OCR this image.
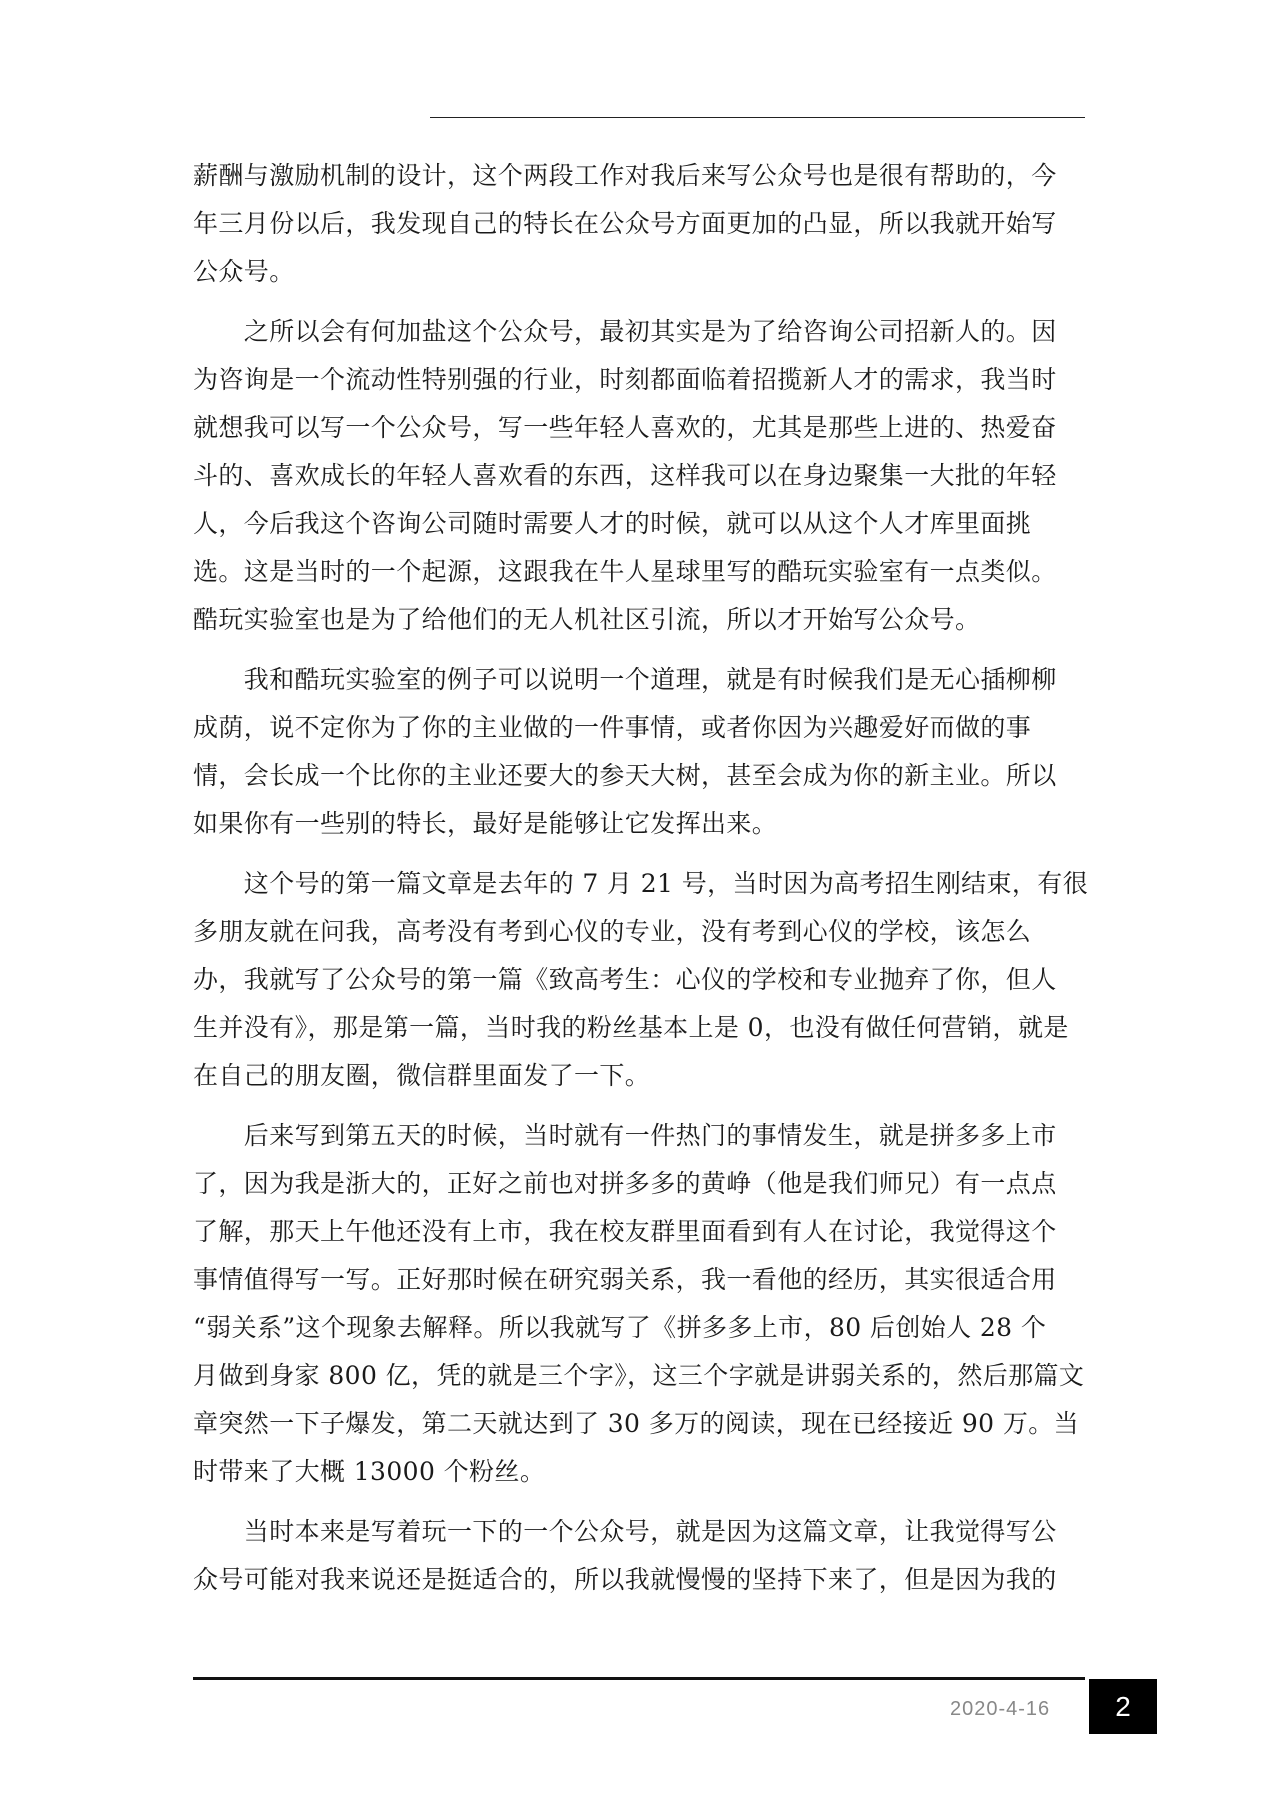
薪酬与激励机制的设计，这个两段工作对我后来写公众号也是很有帮助的，今
年三月份以后，我发现自己的特长在公众号方面更加的凸显，所以我就开始写
公众号。
　　之所以会有何加盐这个公众号，最初其实是为了给咨询公司招新人的。因
为咨询是一个流动性特别强的行业，时刻都面临着招揽新人才的需求，我当时
就想我可以写一个公众号，写一些年轻人喜欢的，尤其是那些上进的、热爱奋
斗的、喜欢成长的年轻人喜欢看的东西，这样我可以在身边聚集一大批的年轻
人，今后我这个咨询公司随时需要人才的时候，就可以从这个人才库里面挑
选。这是当时的一个起源，这跟我在牛人星球里写的酷玩实验室有一点类似。
酷玩实验室也是为了给他们的无人机社区引流，所以才开始写公众号。
　　我和酷玩实验室的例子可以说明一个道理，就是有时候我们是无心插柳柳
成荫，说不定你为了你的主业做的一件事情，或者你因为兴趣爱好而做的事
情，会长成一个比你的主业还要大的参天大树，甚至会成为你的新主业。所以
如果你有一些别的特长，最好是能够让它发挥出来。
　　这个号的第一篇文章是去年的 7 月 21 号，当时因为高考招生刚结束，有很
多朋友就在问我，高考没有考到心仪的专业，没有考到心仪的学校，该怎么
办，我就写了公众号的第一篇《致高考生：心仪的学校和专业抛弃了你，但人
生并没有》，那是第一篇，当时我的粉丝基本上是 0，也没有做任何营销，就是
在自己的朋友圈，微信群里面发了一下。
　　后来写到第五天的时候，当时就有一件热门的事情发生，就是拼多多上市
了，因为我是浙大的，正好之前也对拼多多的黄峥（他是我们师兄）有一点点
了解，那天上午他还没有上市，我在校友群里面看到有人在讨论，我觉得这个
事情值得写一写。正好那时候在研究弱关系，我一看他的经历，其实很适合用
“弱关系”这个现象去解释。所以我就写了《拼多多上市，80 后创始人 28 个
月做到身家 800 亿，凭的就是三个字》，这三个字就是讲弱关系的，然后那篇文
章突然一下子爆发，第二天就达到了 30 多万的阅读，现在已经接近 90 万。当
时带来了大概 13000 个粉丝。
　　当时本来是写着玩一下的一个公众号，就是因为这篇文章，让我觉得写公
众号可能对我来说还是挺适合的，所以我就慢慢的坚持下来了，但是因为我的
2020-4-16	2
